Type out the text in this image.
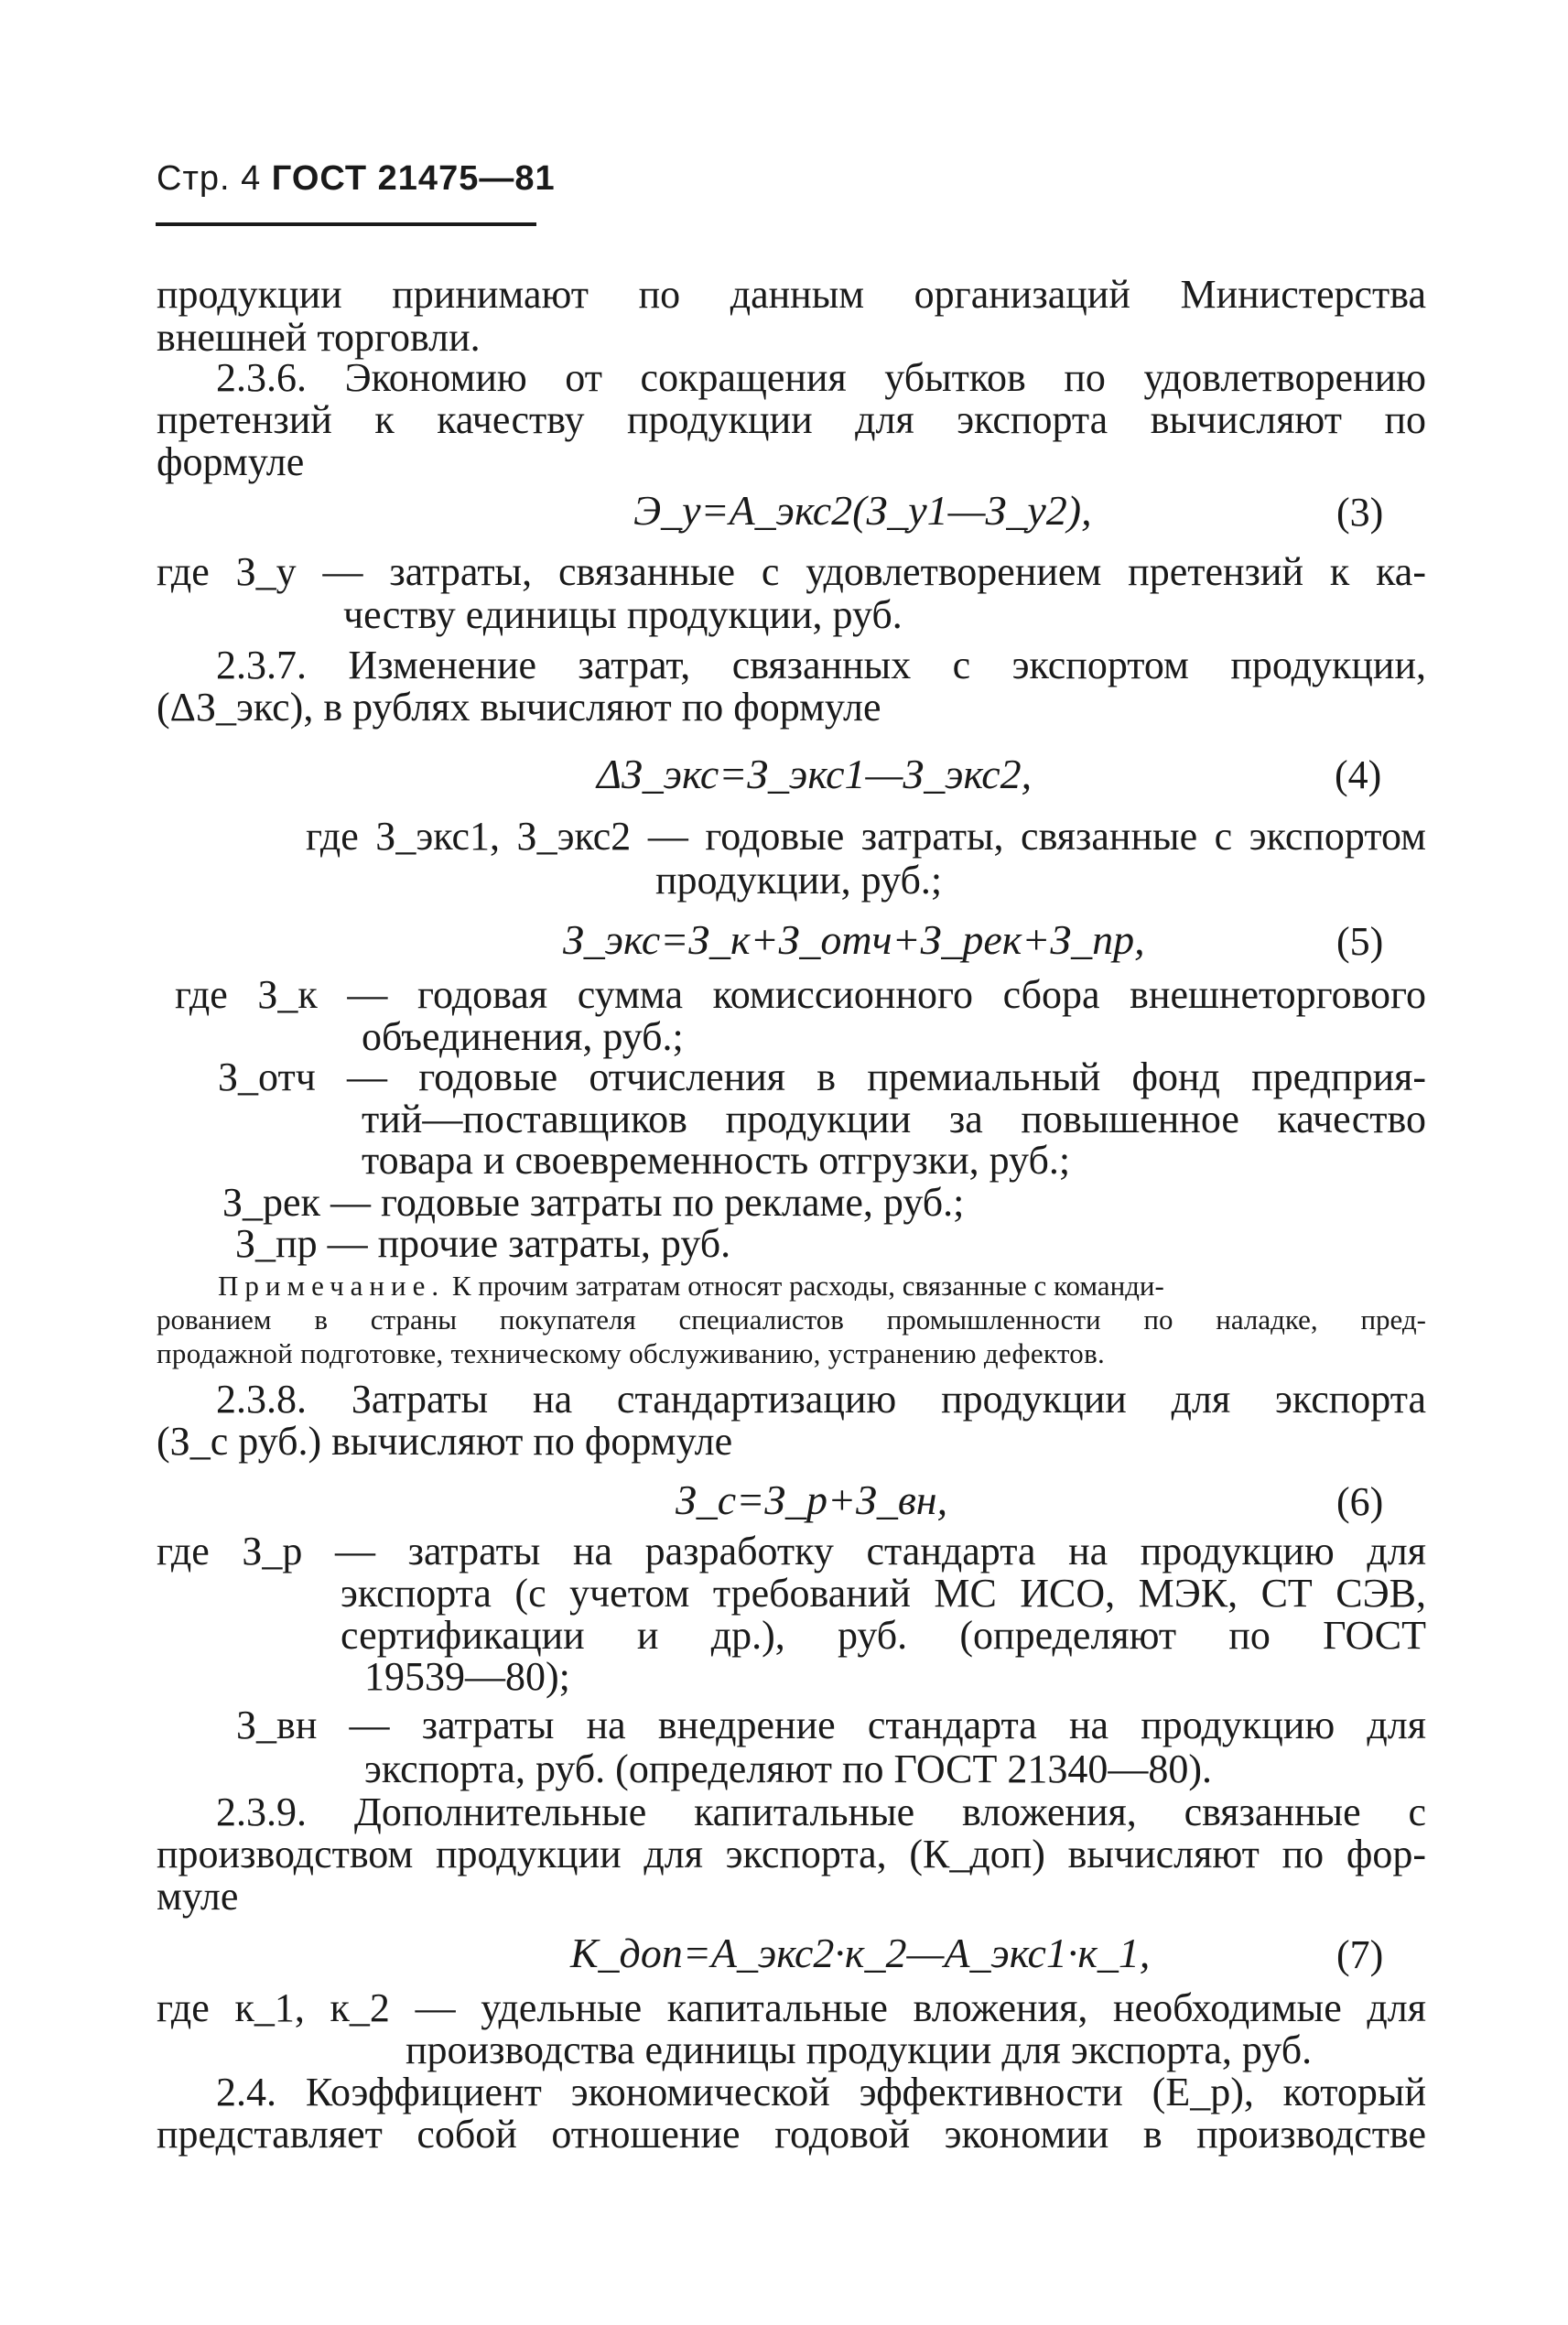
Стр. 4 ГОСТ 21475—81
продукции принимают по данным организаций Министерства
внешней торговли.
2.3.6. Экономию от сокращения убытков по удовлетворению
претензий к качеству продукции для экспорта вычисляют по
формуле
Э_у=А_экс2(З_у1—З_у2),	(3)
где З_у — затраты, связанные с удовлетворением претензий к ка-
честву единицы продукции, руб.
2.3.7. Изменение затрат, связанных с экспортом продукции,
(ΔЗ_экс), в рублях вычисляют по формуле
ΔЗ_экс=З_экс1—З_экс2,	(4)
где З_экс1, З_экс2 — годовые затраты, связанные с экспортом
продукции, руб.;
З_экс=З_к+З_отч+З_рек+З_пр,	(5)
где З_к — годовая сумма комиссионного сбора внешнеторгового
объединения, руб.;
З_отч — годовые отчисления в премиальный фонд предприя-
тий—поставщиков продукции за повышенное качество
товара и своевременность отгрузки, руб.;
З_рек — годовые затраты по рекламе, руб.;
З_пр — прочие затраты, руб.
Примечание. К прочим затратам относят расходы, связанные с команди-
рованием в страны покупателя специалистов промышленности по наладке, пред-
продажной подготовке, техническому обслуживанию, устранению дефектов.
2.3.8. Затраты на стандартизацию продукции для экспорта
(З_с руб.) вычисляют по формуле
З_с=З_р+З_вн,	(6)
где З_р — затраты на разработку стандарта на продукцию для
экспорта (с учетом требований МС ИСО, МЭК, СТ СЭВ,
сертификации и др.), руб. (определяют по ГОСТ
19539—80);
З_вн — затраты на внедрение стандарта на продукцию для
экспорта, руб. (определяют по ГОСТ 21340—80).
2.3.9. Дополнительные капитальные вложения, связанные с
производством продукции для экспорта, (К_доп) вычисляют по фор-
муле
К_доп=А_экс2·к_2—А_экс1·к_1,	(7)
где к_1, к_2 — удельные капитальные вложения, необходимые для
производства единицы продукции для экспорта, руб.
2.4. Коэффициент экономической эффективности (Е_р), который
представляет собой отношение годовой экономии в производстве
